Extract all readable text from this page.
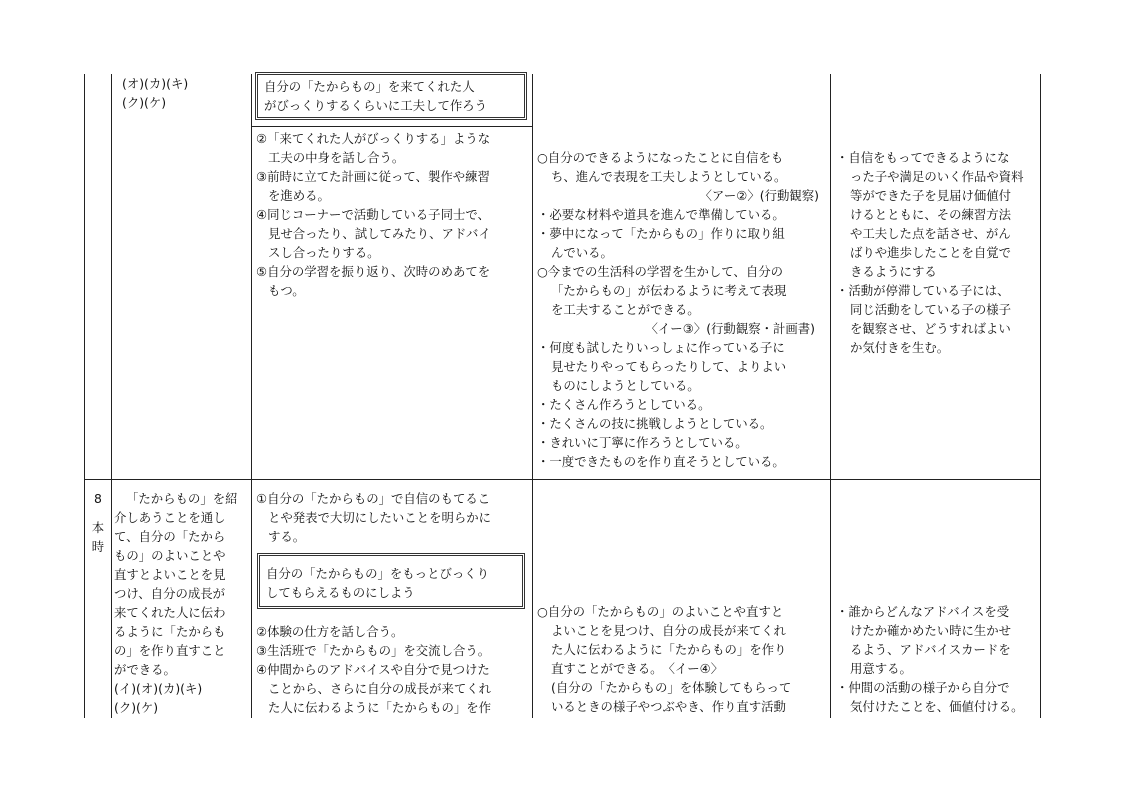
(オ)(カ)(キ)
(ク)(ケ)
自分の「たからもの」を来てくれた人
がびっくりするくらいに工夫して作ろう
②「来てくれた人がびっくりする」ような
工夫の中身を話し合う。
③前時に立てた計画に従って、製作や練習
を進める。
④同じコーナーで活動している子同士で、
見せ合ったり、試してみたり、アドバイ
スし合ったりする。
⑤自分の学習を振り返り、次時のめあてを
もつ。
○自分のできるようになったことに自信をも
ち、進んで表現を工夫しようとしている。
〈アー②〉(行動観察)
・必要な材料や道具を進んで準備している。
・夢中になって「たからもの」作りに取り組
んでいる。
○今までの生活科の学習を生かして、自分の
「たからもの」が伝わるように考えて表現
を工夫することができる。
〈イー③〉(行動観察・計画書)
・何度も試したりいっしょに作っている子に
見せたりやってもらったりして、よりよい
ものにしようとしている。
・たくさん作ろうとしている。
・たくさんの技に挑戦しようとしている。
・きれいに丁寧に作ろうとしている。
・一度できたものを作り直そうとしている。
・自信をもってできるようにな
った子や満足のいく作品や資料
等ができた子を見届け価値付
けるとともに、その練習方法
や工夫した点を話させ、がん
ばりや進歩したことを自覚で
きるようにする
・活動が停滞している子には、
同じ活動をしている子の様子
を観察させ、どうすればよい
か気付きを生む。
8
本
時
「たからもの」を紹
介しあうことを通し
て、自分の「たから
もの」のよいことや
直すとよいことを見
つけ、自分の成長が
来てくれた人に伝わ
るように「たからも
の」を作り直すこと
ができる。
(イ)(オ)(カ)(キ)
(ク)(ケ)
①自分の「たからもの」で自信のもてるこ
とや発表で大切にしたいことを明らかに
する。
自分の「たからもの」をもっとびっくり
してもらえるものにしよう
②体験の仕方を話し合う。
③生活班で「たからもの」を交流し合う。
④仲間からのアドバイスや自分で見つけた
ことから、さらに自分の成長が来てくれ
た人に伝わるように「たからもの」を作
○自分の「たからもの」のよいことや直すと
よいことを見つけ、自分の成長が来てくれ
た人に伝わるように「たからもの」を作り
直すことができる。　〈イー④〉
(自分の「たからもの」を体験してもらって
いるときの様子やつぶやき、作り直す活動
・誰からどんなアドバイスを受
けたか確かめたい時に生かせ
るよう、アドバイスカードを
用意する。
・仲間の活動の様子から自分で
気付けたことを、価値付ける。
